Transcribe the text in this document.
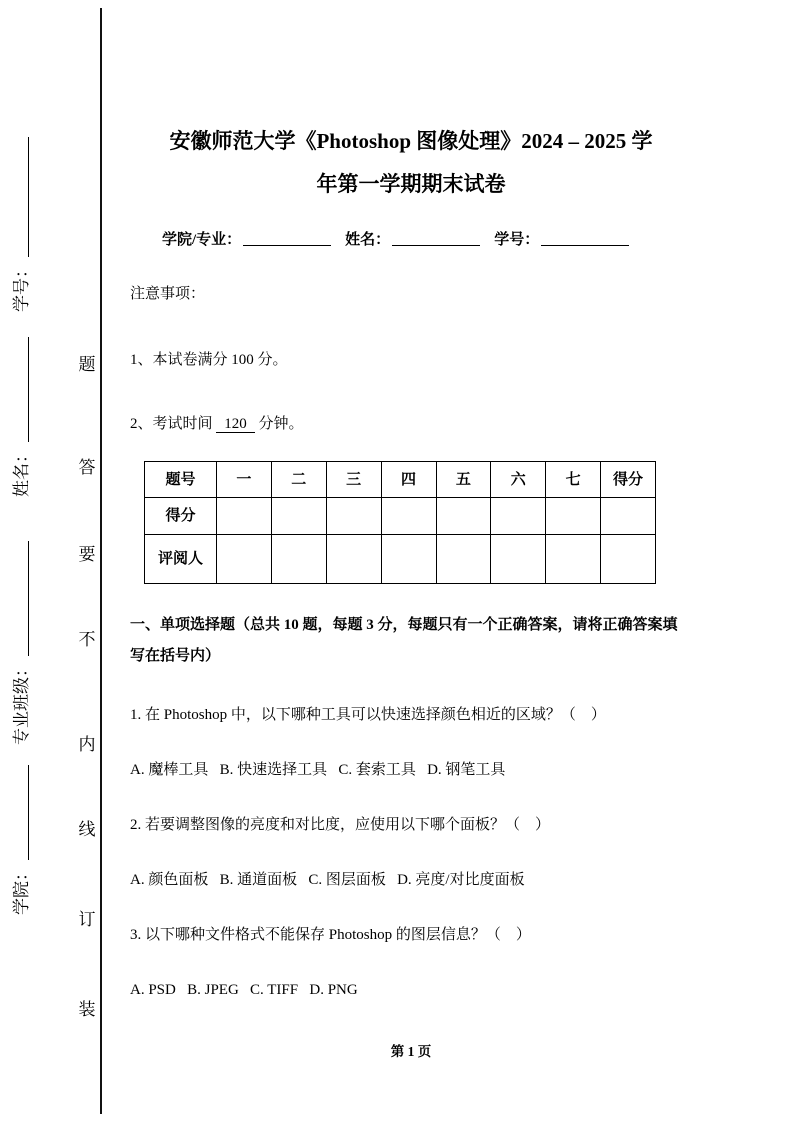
学号：
姓名：
专业班级：
学院：
题
答
要
不
内
线
订
装
安徽师范大学《Photoshop 图像处理》2024 – 2025 学
年第一学期期末试卷
学院/专业：	姓名：	学号：
注意事项：
1、本试卷满分 100 分。
2、考试时间 120 分钟。
题号	一	二	三	四	五	六	七	得分
得分								
评阅人								
一、单项选择题（总共 10 题，每题 3 分，每题只有一个正确答案，请将正确答案填写在括号内）
1. 在 Photoshop 中，以下哪种工具可以快速选择颜色相近的区域？（　）
A. 魔棒工具   B. 快速选择工具   C. 套索工具   D. 钢笔工具
2. 若要调整图像的亮度和对比度，应使用以下哪个面板？（　）
A. 颜色面板   B. 通道面板   C. 图层面板   D. 亮度/对比度面板
3. 以下哪种文件格式不能保存 Photoshop 的图层信息？（　）
A. PSD   B. JPEG   C. TIFF   D. PNG
第 1 页
